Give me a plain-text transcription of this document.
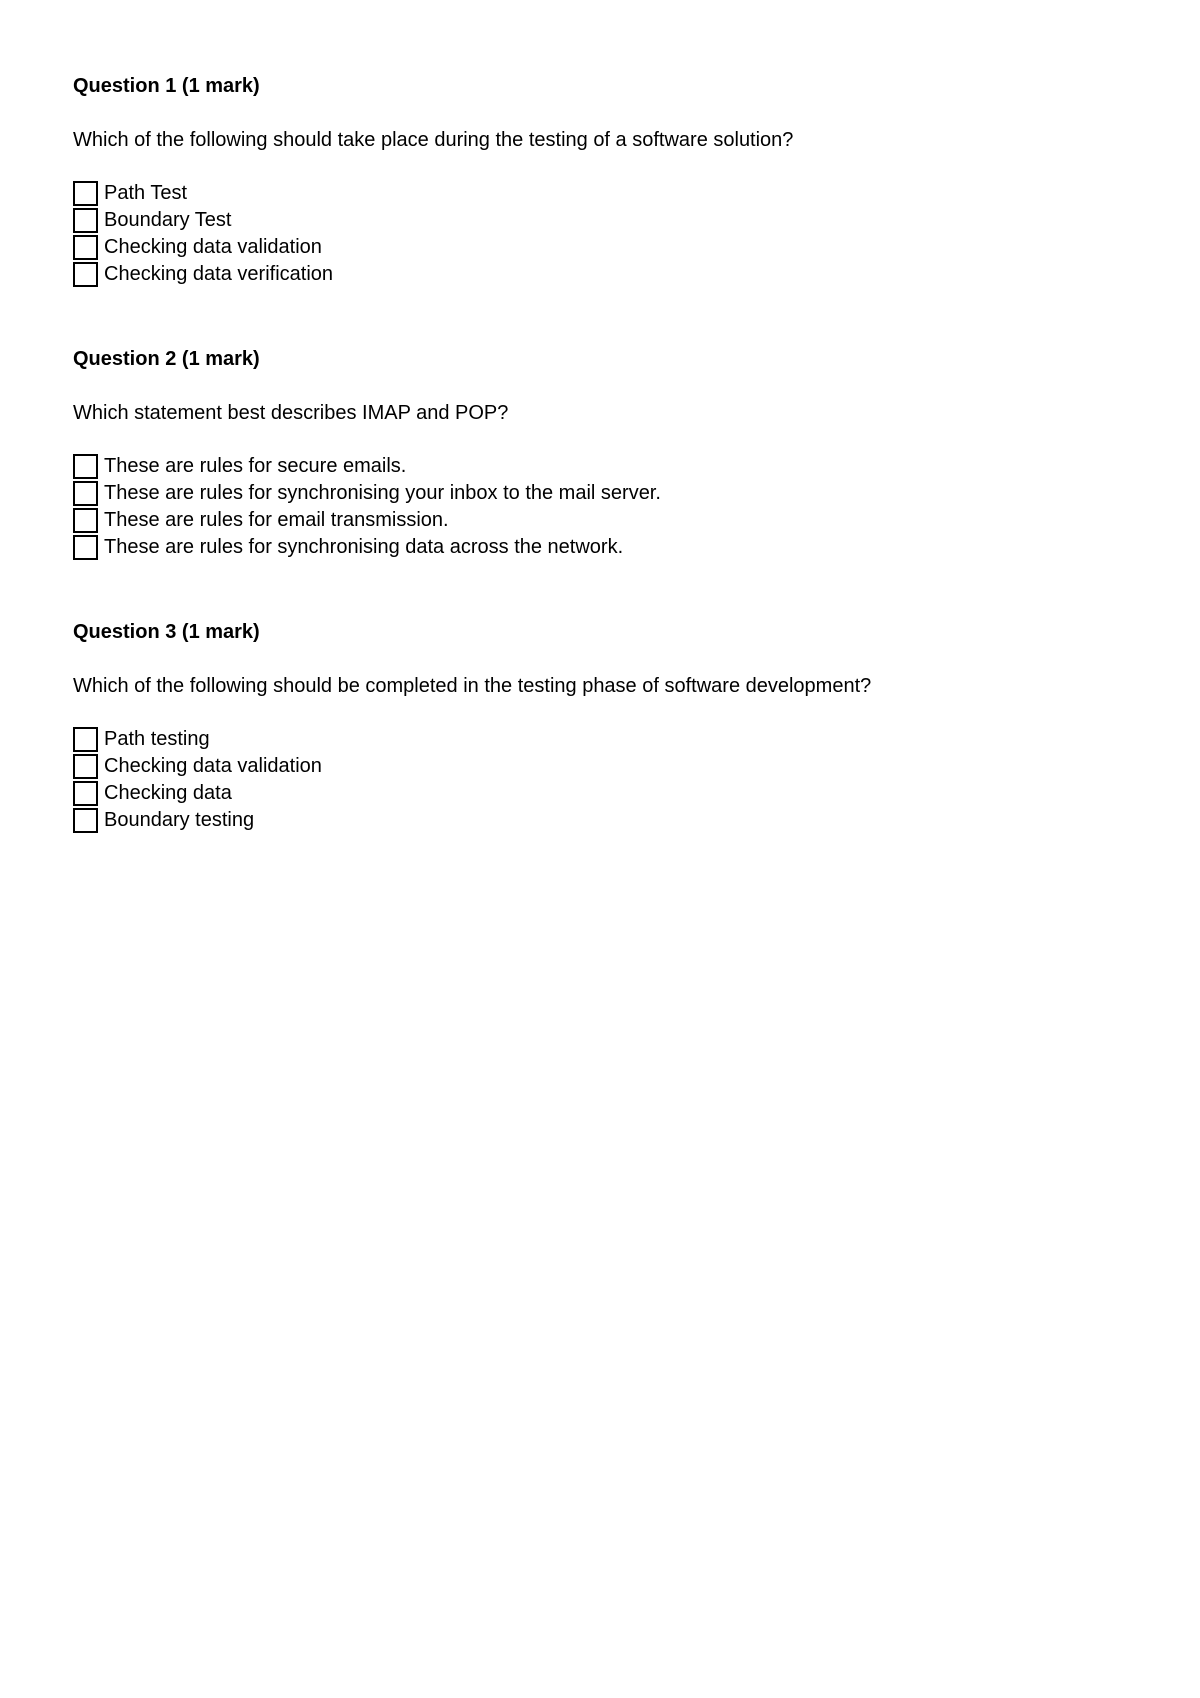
Question 1 (1 mark)
Which of the following should take place during the testing of a software solution?
Path Test
Boundary Test
Checking data validation
Checking data verification
Question 2 (1 mark)
Which statement best describes IMAP and POP?
These are rules for secure emails.
These are rules for synchronising your inbox to the mail server.
These are rules for email transmission.
These are rules for synchronising data across the network.
Question 3 (1 mark)
Which of the following should be completed in the testing phase of software development?
Path testing
Checking data validation
Checking data
Boundary testing
